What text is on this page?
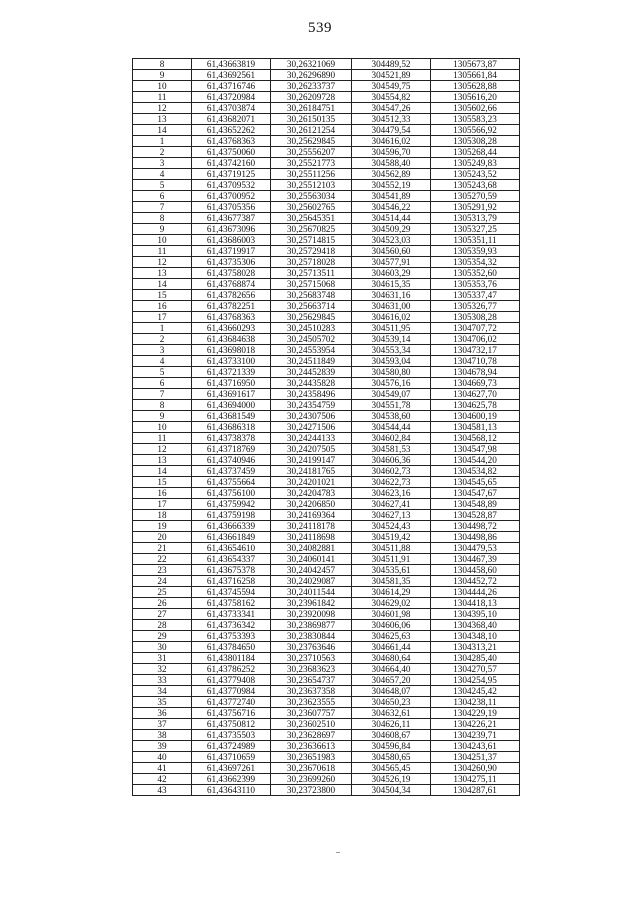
539
8	61,43663819	30,26321069	304489,52	1305673,87
9	61,43692561	30,26296890	304521,89	1305661,84
10	61,43716746	30,26233737	304549,75	1305628,88
11	61,43720984	30,26209728	304554,82	1305616,20
12	61,43703874	30,26184751	304547,26	1305602,66
13	61,43682071	30,26150135	304512,33	1305583,23
14	61,43652262	30,26121254	304479,54	1305566,92
1	61,43768363	30,25629845	304616,02	1305308,28
2	61,43750060	30,25556207	304596,70	1305268,44
3	61,43742160	30,25521773	304588,40	1305249,83
4	61,43719125	30,25511256	304562,89	1305243,52
5	61,43709532	30,25512103	304552,19	1305243,68
6	61,43700952	30,25563034	304541,89	1305270,59
7	61,43705356	30,25602765	304546,22	1305291,92
8	61,43677387	30,25645351	304514,44	1305313,79
9	61,43673096	30,25670825	304509,29	1305327,25
10	61,43686003	30,25714815	304523,03	1305351,11
11	61,43719917	30,25729418	304560,60	1305359,93
12	61,43735306	30,25718028	304577,91	1305354,32
13	61,43758028	30,25713511	304603,29	1305352,60
14	61,43768874	30,25715068	304615,35	1305353,76
15	61,43782656	30,25683748	304631,16	1305337,47
16	61,43782251	30,25663714	304631,00	1305326,77
17	61,43768363	30,25629845	304616,02	1305308,28
1	61,43660293	30,24510283	304511,95	1304707,72
2	61,43684638	30,24505702	304539,14	1304706,02
3	61,43698018	30,24553954	304553,34	1304732,17
4	61,43733100	30,24511849	304593,04	1304710,78
5	61,43721339	30,24452839	304580,80	1304678,94
6	61,43716950	30,24435828	304576,16	1304669,73
7	61,43691617	30,24358496	304549,07	1304627,70
8	61,43694000	30,24354759	304551,78	1304625,78
9	61,43681549	30,24307506	304538,60	1304600,19
10	61,43686318	30,24271506	304544,44	1304581,13
11	61,43738378	30,24244133	304602,84	1304568,12
12	61,43718769	30,24207505	304581,53	1304547,98
13	61,43740946	30,24199147	304606,36	1304544,20
14	61,43737459	30,24181765	304602,73	1304534,82
15	61,43755664	30,24201021	304622,73	1304545,65
16	61,43756100	30,24204783	304623,16	1304547,67
17	61,43759942	30,24206850	304627,41	1304548,89
18	61,43759198	30,24169364	304627,13	1304528,87
19	61,43666339	30,24118178	304524,43	1304498,72
20	61,43661849	30,24118698	304519,42	1304498,86
21	61,43654610	30,24082881	304511,88	1304479,53
22	61,43654337	30,24060141	304511,91	1304467,39
23	61,43675378	30,24042457	304535,61	1304458,60
24	61,43716258	30,24029087	304581,35	1304452,72
25	61,43745594	30,24011544	304614,29	1304444,26
26	61,43758162	30,23961842	304629,02	1304418,13
27	61,43733341	30,23920098	304601,98	1304395,10
28	61,43736342	30,23869877	304606,06	1304368,40
29	61,43753393	30,23830844	304625,63	1304348,10
30	61,43784650	30,23763646	304661,44	1304313,21
31	61,43801184	30,23710563	304680,64	1304285,40
32	61,43786252	30,23683623	304664,40	1304270,57
33	61,43779408	30,23654737	304657,20	1304254,95
34	61,43770984	30,23637358	304648,07	1304245,42
35	61,43772740	30,23623555	304650,23	1304238,11
36	61,43756716	30,23607757	304632,61	1304229,19
37	61,43750812	30,23602510	304626,11	1304226,21
38	61,43735503	30,23628697	304608,67	1304239,71
39	61,43724989	30,23636613	304596,84	1304243,61
40	61,43710659	30,23651983	304580,65	1304251,37
41	61,43697261	30,23670618	304565,45	1304260,90
42	61,43662399	30,23699260	304526,19	1304275,11
43	61,43643110	30,23723800	304504,34	1304287,61
